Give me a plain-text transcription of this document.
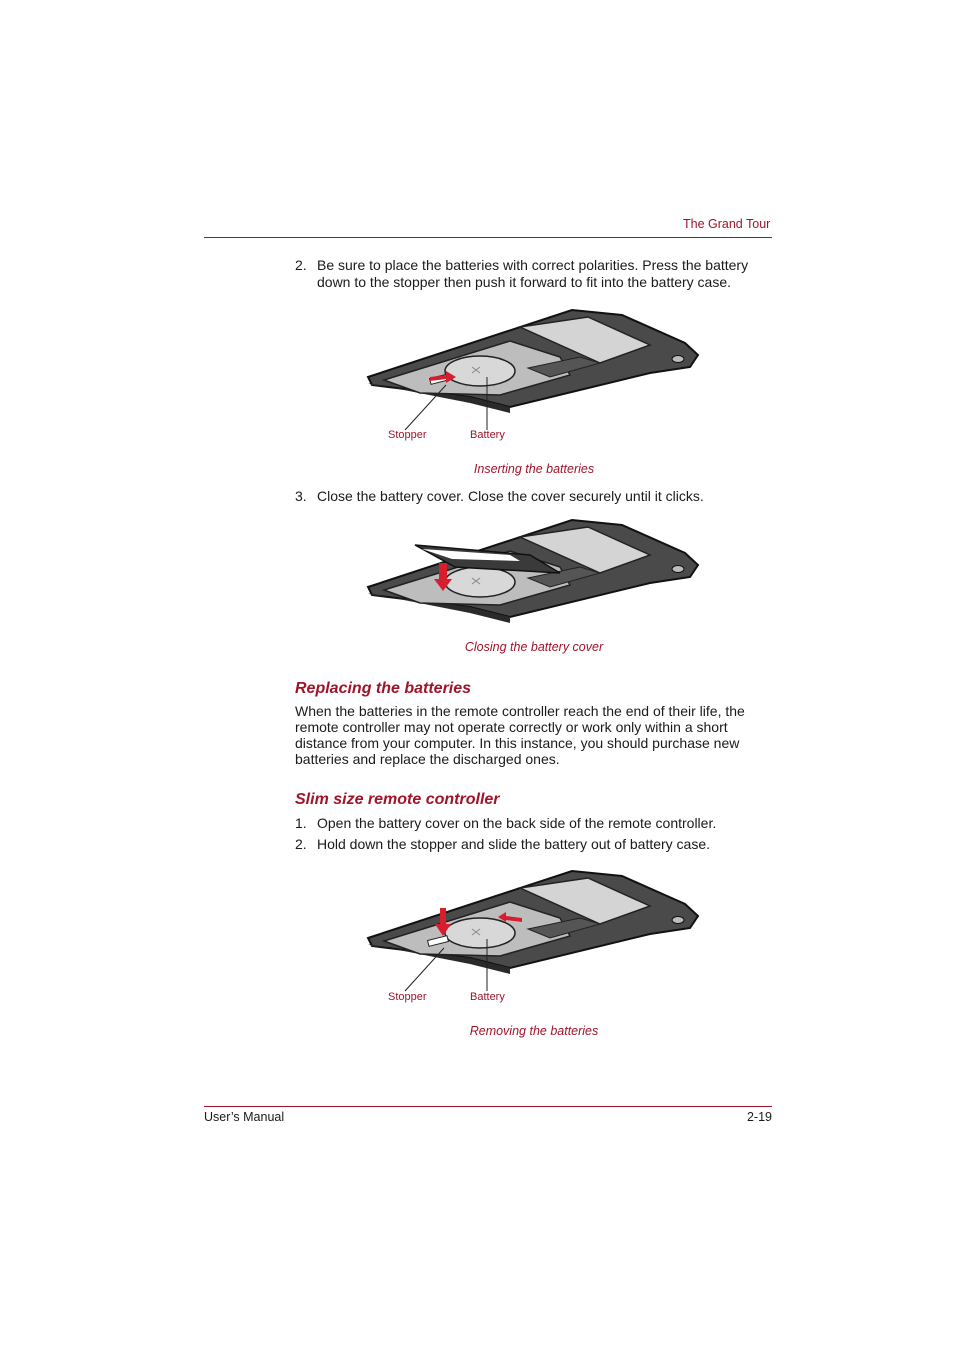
The Grand Tour
2. Be sure to place the batteries with correct polarities. Press the battery down to the stopper then push it forward to fit into the battery case.
Stopper	Battery
Inserting the batteries
3. Close the battery cover. Close the cover securely until it clicks.
Closing the battery cover
Replacing the batteries
When the batteries in the remote controller reach the end of their life, the remote controller may not operate correctly or work only within a short distance from your computer. In this instance, you should purchase new batteries and replace the discharged ones.
Slim size remote controller
1. Open the battery cover on the back side of the remote controller.
2. Hold down the stopper and slide the battery out of battery case.
Stopper	Battery
Removing the batteries
User’s Manual	2-19
